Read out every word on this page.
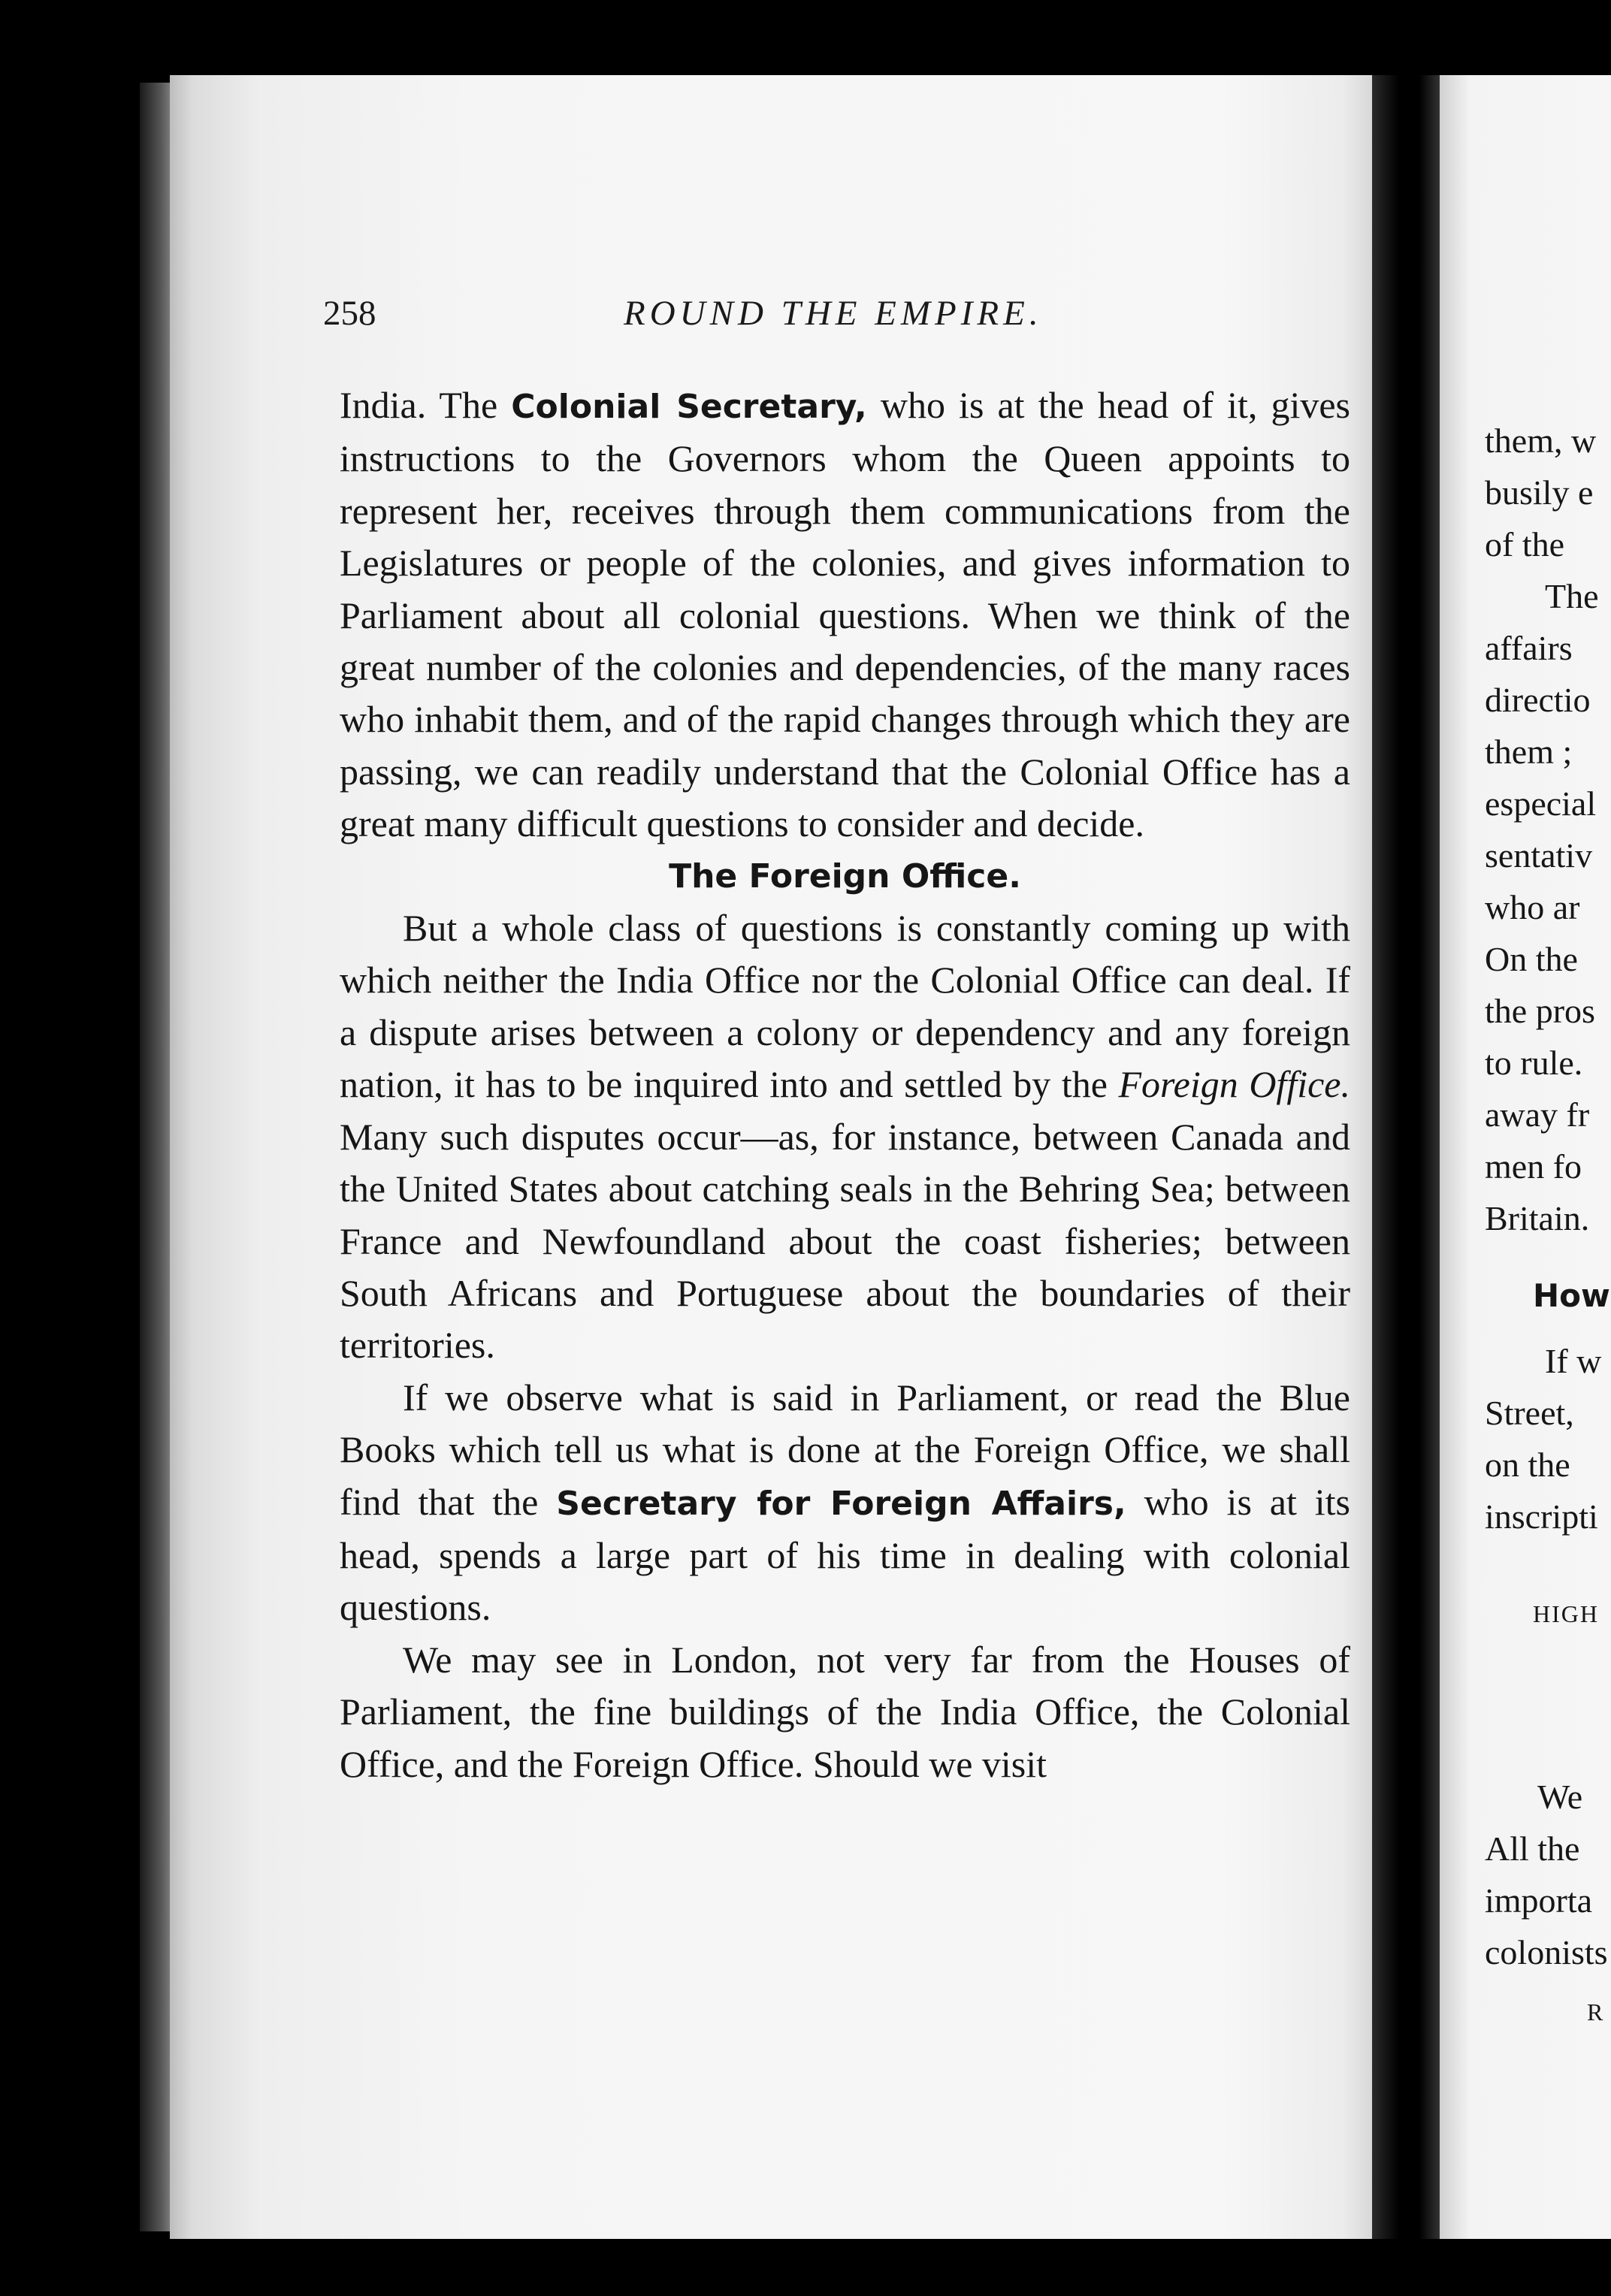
258	ROUND THE EMPIRE.

India. The Colonial Secretary, who is at the head of it, gives instructions to the Governors whom the Queen appoints to represent her, receives through them communications from the Legislatures or people of the colonies, and gives information to Parliament about all colonial questions. When we think of the great number of the colonies and dependencies, of the many races who inhabit them, and of the rapid changes through which they are passing, we can readily understand that the Colonial Office has a great many difficult questions to consider and decide.

The Foreign Office.

But a whole class of questions is constantly coming up with which neither the India Office nor the Colonial Office can deal. If a dispute arises between a colony or dependency and any foreign nation, it has to be inquired into and settled by the Foreign Office. Many such disputes occur—as, for instance, between Canada and the United States about catching seals in the Behring Sea; between France and Newfoundland about the coast fisheries; between South Africans and Portuguese about the boundaries of their territories.

If we observe what is said in Parliament, or read the Blue Books which tell us what is done at the Foreign Office, we shall find that the Secretary for Foreign Affairs, who is at its head, spends a large part of his time in dealing with colonial questions.

We may see in London, not very far from the Houses of Parliament, the fine buildings of the India Office, the Colonial Office, and the Foreign Office. Should we visit

them, w
busily e
of the
The
affairs
directio
them ;
especial
sentativ
who ar
On the
the pros
to rule.
away fr
men fo
Britain.
How
If w
Street,
on the
inscripti
HIGH
We
All the
importa
colonists
R
